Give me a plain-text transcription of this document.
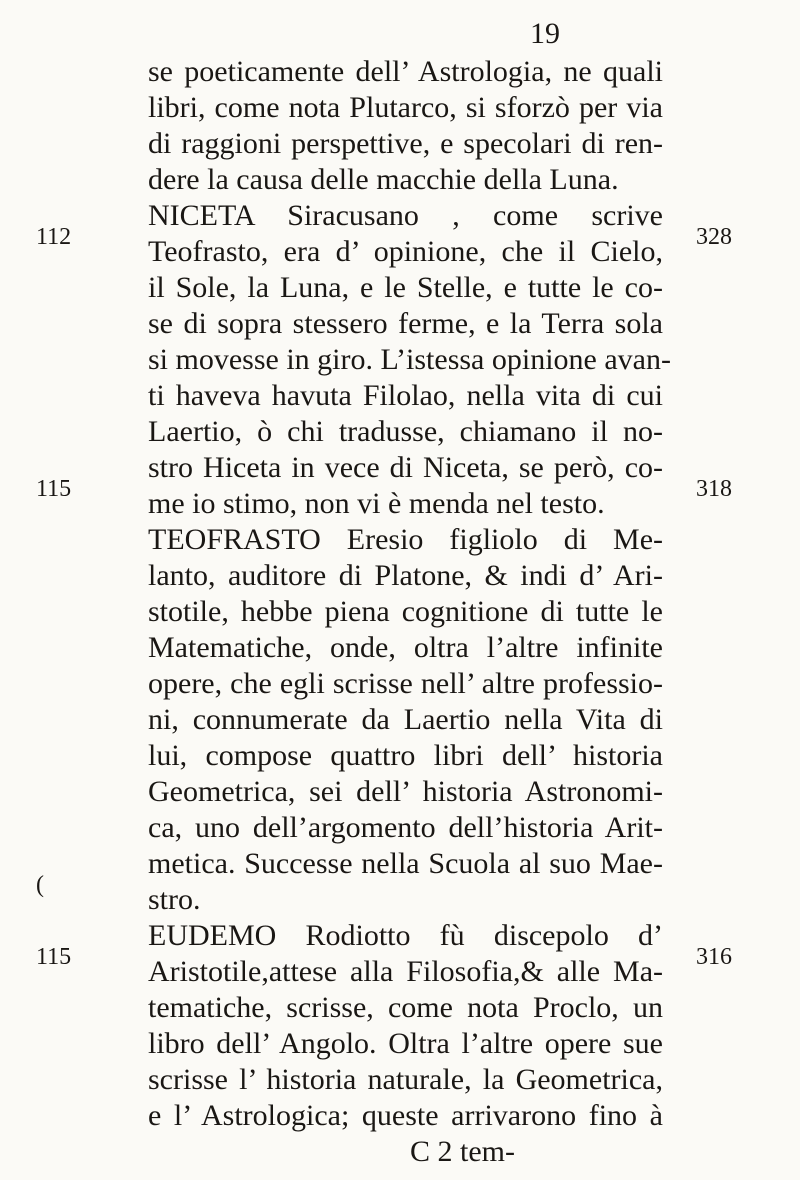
19
se poeticamente dell’ Astrologia, ne quali
libri, come nota Plutarco, si sforzò per via
di raggioni perspettive, e specolari di ren-
dere la causa delle macchie della Luna.
NICETA Siracusano , come scrive
Teofrasto, era d’ opinione, che il Cielo,
il Sole, la Luna, e le Stelle, e tutte le co-
se di sopra stessero ferme, e la Terra sola
si movesse in giro. L’istessa opinione avan-
ti haveva havuta Filolao, nella vita di cui
Laertio, ò chi tradusse, chiamano il no-
stro Hiceta in vece di Niceta, se però, co-
me io stimo, non vi è menda nel testo.
TEOFRASTO Eresio figliolo di Me-
lanto, auditore di Platone, & indi d’ Ari-
stotile, hebbe piena cognitione di tutte le
Matematiche, onde, oltra l’altre infinite
opere, che egli scrisse nell’ altre professio-
ni, connumerate da Laertio nella Vita di
lui, compose quattro libri dell’ historia
Geometrica, sei dell’ historia Astronomi-
ca, uno dell’argomento dell’historia Arit-
metica. Successe nella Scuola al suo Mae-
stro.
EUDEMO Rodiotto fù discepolo d’
Aristotile,attese alla Filosofia,& alle Ma-
tematiche, scrisse, come nota Proclo, un
libro dell’ Angolo. Oltra l’altre opere sue
scrisse l’ historia naturale, la Geometrica,
e l’ Astrologica; queste arrivarono fino à
C 2 tem-
112
115
(
115
328
318
316
